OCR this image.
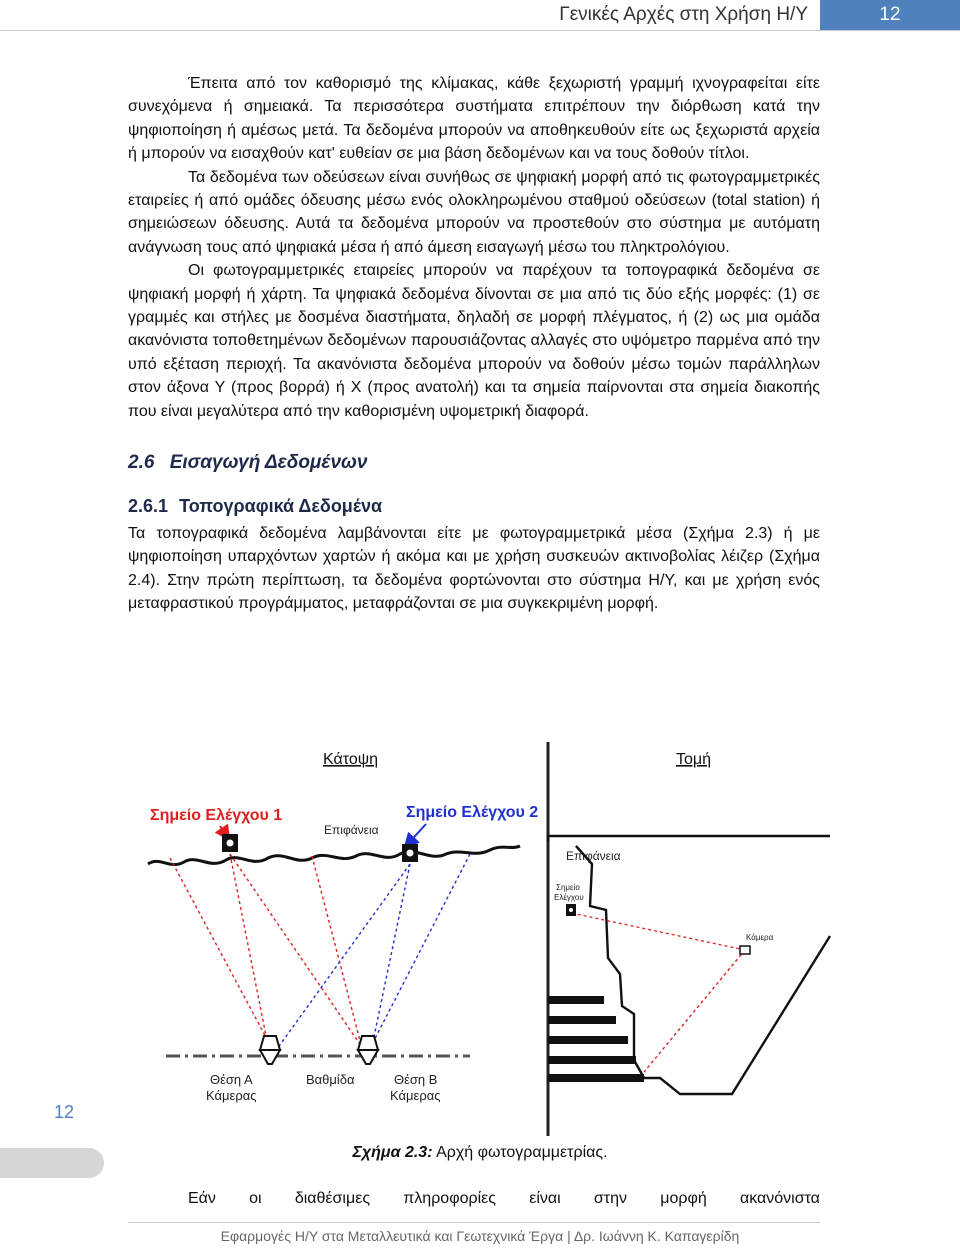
Γενικές Αρχές στη Χρήση Η/Υ	12

Έπειτα από τον καθορισμό της κλίμακας, κάθε ξεχωριστή γραμμή ιχνογραφείται είτε συνεχόμενα ή σημειακά. Τα περισσότερα συστήματα επιτρέπουν την διόρθωση κατά την ψηφιοποίηση ή αμέσως μετά. Τα δεδομένα μπορούν να αποθηκευθούν είτε ως ξεχωριστά αρχεία ή μπορούν να εισαχθούν κατ' ευθείαν σε μια βάση δεδομένων και να τους δοθούν τίτλοι.

Τα δεδομένα των οδεύσεων είναι συνήθως σε ψηφιακή μορφή από τις φωτογραμμετρικές εταιρείες ή από ομάδες όδευσης μέσω ενός ολοκληρωμένου σταθμού οδεύσεων (total station) ή σημειώσεων όδευσης. Αυτά τα δεδομένα μπορούν να προστεθούν στο σύστημα με αυτόματη ανάγνωση τους από ψηφιακά μέσα ή από άμεση εισαγωγή μέσω του πληκτρολόγιου.

Οι φωτογραμμετρικές εταιρείες μπορούν να παρέχουν τα τοπογραφικά δεδομένα σε ψηφιακή μορφή ή χάρτη. Τα ψηφιακά δεδομένα δίνονται σε μια από τις δύο εξής μορφές: (1) σε γραμμές και στήλες με δοσμένα διαστήματα, δηλαδή σε μορφή πλέγματος, ή (2) ως μια ομάδα ακανόνιστα τοποθετημένων δεδομένων παρουσιάζοντας αλλαγές στο υψόμετρο παρμένα από την υπό εξέταση περιοχή. Τα ακανόνιστα δεδομένα μπορούν να δοθούν μέσω τομών παράλληλων στον άξονα Υ (προς βορρά) ή Χ (προς ανατολή) και τα σημεία παίρνονται στα σημεία διακοπής που είναι μεγαλύτερα από την καθορισμένη υψομετρική διαφορά.

2.6 Εισαγωγή Δεδομένων
2.6.1 Τοπογραφικά Δεδομένα

Τα τοπογραφικά δεδομένα λαμβάνονται είτε με φωτογραμμετρικά μέσα (Σχήμα 2.3) ή με ψηφιοποίηση υπαρχόντων χαρτών ή ακόμα και με χρήση συσκευών ακτινοβολίας λέιζερ (Σχήμα 2.4). Στην πρώτη περίπτωση, τα δεδομένα φορτώνονται στο σύστημα Η/Υ, και με χρήση ενός μεταφραστικού προγράμματος, μεταφράζονται σε μια συγκεκριμένη μορφή.

Κάτοψη	Τομή
Σημείο Ελέγχου 1	Σημείο Ελέγχου 2
Επιφάνεια
Θέση Α
Κάμερας
Βαθμίδα	Θέση Β
Κάμερας
Επιφάνεια
Σημείο
Ελέγχου
Κάμερα
Σχήμα 2.3: Αρχή φωτογραμμετρίας.
Εάν οι διαθέσιμες πληροφορίες είναι στην μορφή ακανόνιστα
12
Εφαρμογές Η/Υ στα Μεταλλευτικά και Γεωτεχνικά Έργα | Δρ. Ιωάννη Κ. Καπαγερίδη
